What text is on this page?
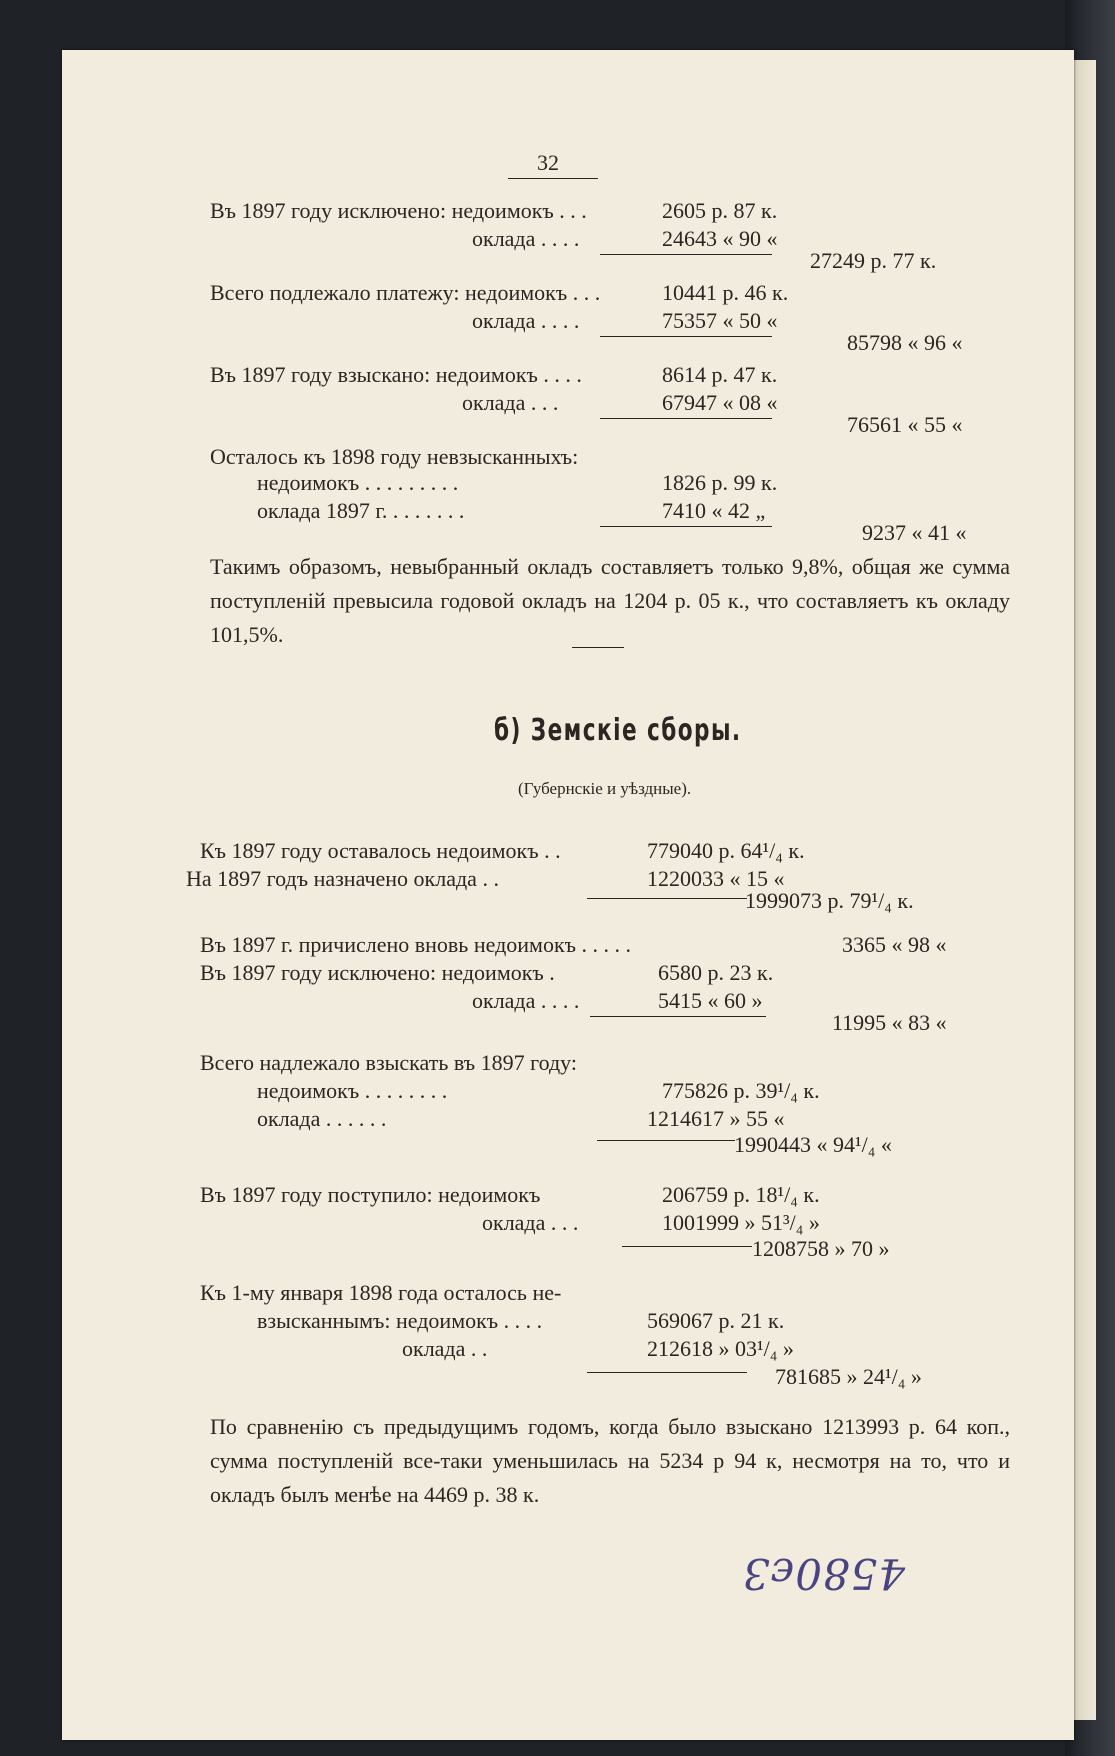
32
Въ 1897 году исключено: недоимокъ . . .	2605 р. 87 к.
оклада . . . .	24643 « 90 «
27249 р. 77 к.
Всего подлежало платежу: недоимокъ . . .	10441 р. 46 к.
оклада . . . .	75357 « 50 «
85798 « 96 «
Въ 1897 году взыскано: недоимокъ . . . .	8614 р. 47 к.
оклада . . .	67947 « 08 «
76561 « 55 «
Осталось къ 1898 году невзысканныхъ:
недоимокъ . . . . . . . . .	1826 р. 99 к.
оклада 1897 г. . . . . . . .	7410 « 42 „
9237 « 41 «
Такимъ образомъ, невыбранный окладъ составляетъ только 9,8%, общая же сумма поступленій превысила годовой окладъ на 1204 р. 05 к., что составляетъ къ окладу 101,5%.
б) Земскіе сборы.
(Губернскіе и уѣздные).
Къ 1897 году оставалось недоимокъ . .	779040 р. 64¹/₄ к.
На 1897 годъ назначено оклада . .	1220033 « 15 «
1999073 р. 79¹/₄ к.
Въ 1897 г. причислено вновь недоимокъ . . . . .	3365 « 98 «
Въ 1897 году исключено: недоимокъ .	6580 р. 23 к.
оклада . . . .	5415 « 60 »
11995 « 83 «
Всего надлежало взыскать въ 1897 году:
недоимокъ . . . . . . . .	775826 р. 39¹/₄ к.
оклада . . . . . .	1214617 » 55 «
1990443 « 94¹/₄ «
Въ 1897 году поступило: недоимокъ	206759 р. 18¹/₄ к.
оклада . . .	1001999 » 51³/₄ »
1208758 » 70 »
Къ 1-му января 1898 года осталось не-
взысканнымъ: недоимокъ . . . .	569067 р. 21 к.
оклада . .	212618 » 03¹/₄ »
781685 » 24¹/₄ »
По сравненію съ предыдущимъ годомъ, когда было взыскано 1213993 р. 64 коп., сумма поступленій все-таки уменьшилась на 5234 р 94 к, несмотря на то, что и окладъ былъ менѣе на 4469 р. 38 к.
4580є3
